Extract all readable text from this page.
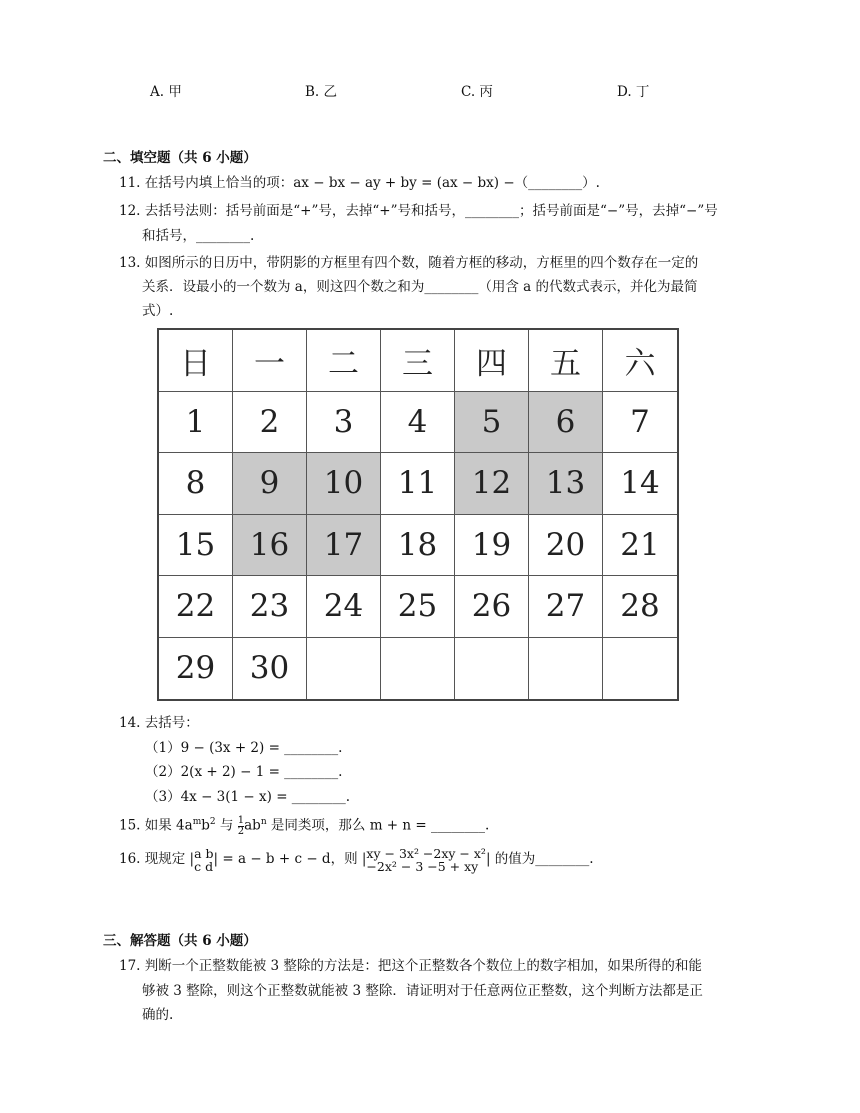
A. 甲	B. 乙	C. 丙	D. 丁
二、填空题（共 6 小题）
11. 在括号内填上恰当的项：ax − bx − ay + by = (ax − bx) −（________）.
12. 去括号法则：括号前面是“+”号，去掉“+”号和括号，________；括号前面是“−”号，去掉“−”号
和括号，________.
13. 如图所示的日历中，带阴影的方框里有四个数，随着方框的移动，方框里的四个数存在一定的
关系．设最小的一个数为 a，则这四个数之和为________（用含 a 的代数式表示，并化为最简
式）.
日	一	二	三	四	五	六
1	2	3	4	5	6	7
8	9	10	11	12	13	14
15	16	17	18	19	20	21
22	23	24	25	26	27	28
29	30
14. 去括号：
（1）9 − (3x + 2) = ________.
（2）2(x + 2) − 1 = ________.
（3）4x − 3(1 − x) = ________.
15. 如果 $4a^mb^2$ 与 $\frac{1}{2} ab^n$ 是同类项，那么 m + n = ________.
16. 现规定 | a b
c d | = a − b + c − d，则 | xy − 3x² −2xy − x²
−2x² − 3 −5 + xy | 的值为________.
三、解答题（共 6 小题）
17. 判断一个正整数能被 3 整除的方法是：把这个正整数各个数位上的数字相加，如果所得的和能
够被 3 整除，则这个正整数就能被 3 整除．请证明对于任意两位正整数，这个判断方法都是正
确的.
